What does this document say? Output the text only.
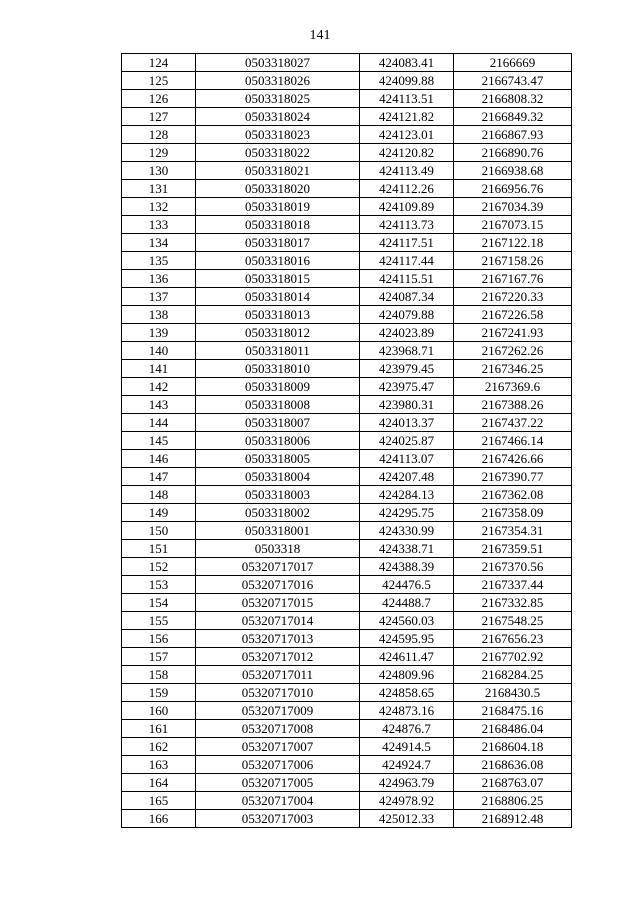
141
124	0503318027	424083.41	2166669
125	0503318026	424099.88	2166743.47
126	0503318025	424113.51	2166808.32
127	0503318024	424121.82	2166849.32
128	0503318023	424123.01	2166867.93
129	0503318022	424120.82	2166890.76
130	0503318021	424113.49	2166938.68
131	0503318020	424112.26	2166956.76
132	0503318019	424109.89	2167034.39
133	0503318018	424113.73	2167073.15
134	0503318017	424117.51	2167122.18
135	0503318016	424117.44	2167158.26
136	0503318015	424115.51	2167167.76
137	0503318014	424087.34	2167220.33
138	0503318013	424079.88	2167226.58
139	0503318012	424023.89	2167241.93
140	0503318011	423968.71	2167262.26
141	0503318010	423979.45	2167346.25
142	0503318009	423975.47	2167369.6
143	0503318008	423980.31	2167388.26
144	0503318007	424013.37	2167437.22
145	0503318006	424025.87	2167466.14
146	0503318005	424113.07	2167426.66
147	0503318004	424207.48	2167390.77
148	0503318003	424284.13	2167362.08
149	0503318002	424295.75	2167358.09
150	0503318001	424330.99	2167354.31
151	0503318	424338.71	2167359.51
152	05320717017	424388.39	2167370.56
153	05320717016	424476.5	2167337.44
154	05320717015	424488.7	2167332.85
155	05320717014	424560.03	2167548.25
156	05320717013	424595.95	2167656.23
157	05320717012	424611.47	2167702.92
158	05320717011	424809.96	2168284.25
159	05320717010	424858.65	2168430.5
160	05320717009	424873.16	2168475.16
161	05320717008	424876.7	2168486.04
162	05320717007	424914.5	2168604.18
163	05320717006	424924.7	2168636.08
164	05320717005	424963.79	2168763.07
165	05320717004	424978.92	2168806.25
166	05320717003	425012.33	2168912.48
